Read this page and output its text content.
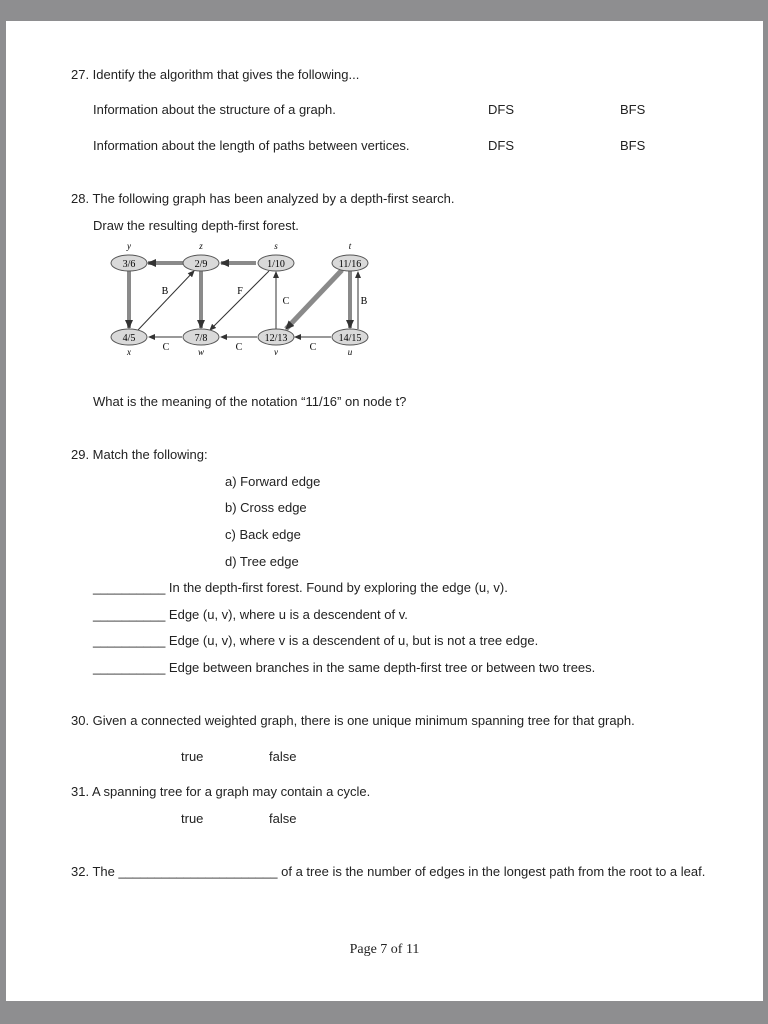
27. Identify the algorithm that gives the following...
Information about the structure of a graph.	DFS	BFS
Information about the length of paths between vertices.	DFS	BFS
28. The following graph has been analyzed by a depth-first search.
Draw the resulting depth-first forest.
y	z	s	t
x	w	v	u
B	F
C	B
C	C	C
3/6	2/9	1/10	11/16
4/5	7/8	12/13	14/15
What is the meaning of the notation “11/16” on node t?
29. Match the following:
a) Forward edge
b) Cross edge
c) Back edge
d) Tree edge
__________ In the depth-first forest. Found by exploring the edge (u, v).
__________ Edge (u, v), where u is a descendent of v.
__________ Edge (u, v), where v is a descendent of u, but is not a tree edge.
__________ Edge between branches in the same depth-first tree or between two trees.
30. Given a connected weighted graph, there is one unique minimum spanning tree for that graph.
true	false
31. A spanning tree for a graph may contain a cycle.
true	false
32. The ______________________ of a tree is the number of edges in the longest path from the root to a leaf.
Page 7 of 11
